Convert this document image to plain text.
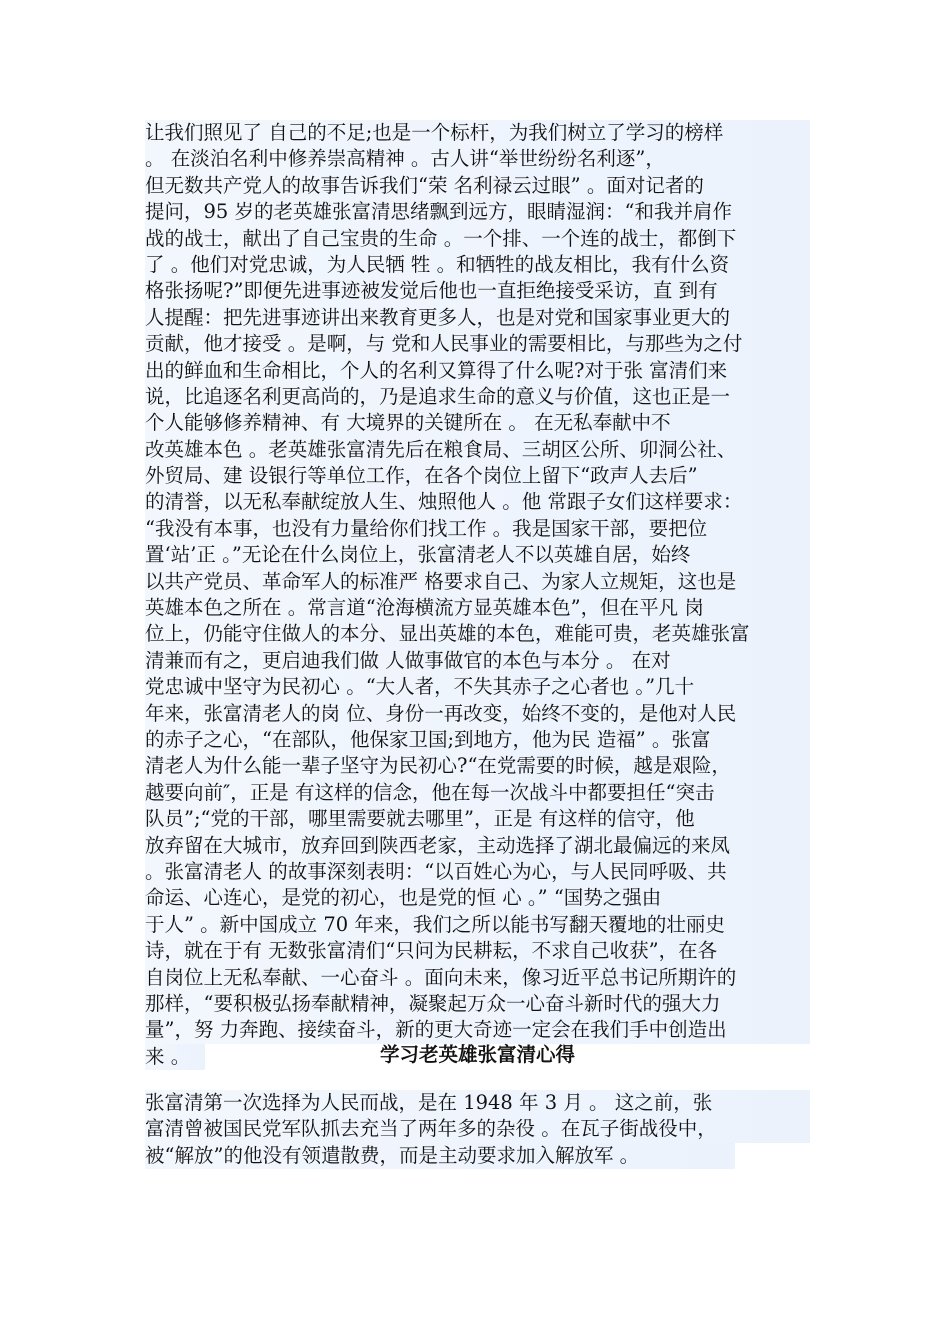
让我们照见了 自己的不足;也是一个标杆，为我们树立了学习的榜样
。 在淡泊名利中修养崇高精神 。古人讲“举世纷纷名利逐”，
但无数共产党人的故事告诉我们“荣 名利禄云过眼” 。面对记者的
提问，95 岁的老英雄张富清思绪飘到远方，眼睛湿润：“和我并肩作
战的战士，献出了自己宝贵的生命 。一个排、一个连的战士，都倒下
了 。他们对党忠诚，为人民牺 牲 。和牺牲的战友相比，我有什么资
格张扬呢?”即便先进事迹被发觉后他也一直拒绝接受采访，直 到有
人提醒：把先进事迹讲出来教育更多人，也是对党和国家事业更大的
贡献，他才接受 。是啊，与 党和人民事业的需要相比，与那些为之付
出的鲜血和生命相比，个人的名利又算得了什么呢?对于张 富清们来
说，比追逐名利更高尚的，乃是追求生命的意义与价值，这也正是一
个人能够修养精神、有 大境界的关键所在 。 在无私奉献中不
改英雄本色 。老英雄张富清先后在粮食局、三胡区公所、卯洞公社、
外贸局、建 设银行等单位工作，在各个岗位上留下“政声人去后”
的清誉，以无私奉献绽放人生、烛照他人 。他 常跟子女们这样要求：
“我没有本事，也没有力量给你们找工作 。我是国家干部，要把位
置‘站’正 。”无论在什么岗位上，张富清老人不以英雄自居，始终
以共产党员、革命军人的标准严 格要求自己、为家人立规矩，这也是
英雄本色之所在 。常言道“沧海横流方显英雄本色”，但在平凡 岗
位上，仍能守住做人的本分、显出英雄的本色，难能可贵，老英雄张富
清兼而有之，更启迪我们做 人做事做官的本色与本分 。 在对
党忠诚中坚守为民初心 。“大人者，不失其赤子之心者也 。”几十
年来，张富清老人的岗 位、身份一再改变，始终不变的，是他对人民
的赤子之心，“在部队，他保家卫国;到地方，他为民 造福” 。张富
清老人为什么能一辈子坚守为民初心?“在党需要的时候，越是艰险，
越要向前″，正是 有这样的信念，他在每一次战斗中都要担任“突击
队员”;“党的干部，哪里需要就去哪里”，正是 有这样的信守，他
放弃留在大城市，放弃回到陕西老家，主动选择了湖北最偏远的来凤
。张富清老人 的故事深刻表明：“以百姓心为心，与人民同呼吸、共
命运、心连心，是党的初心，也是党的恒 心 。” “国势之强由
于人” 。新中国成立 70 年来，我们之所以能书写翻天覆地的壮丽史
诗，就在于有 无数张富清们“只问为民耕耘，不求自己收获”，在各
自岗位上无私奉献、一心奋斗 。面向未来，像习近平总书记所期许的
那样，“要积极弘扬奉献精神，凝聚起万众一心奋斗新时代的强大力
量”，努 力奔跑、接续奋斗，新的更大奇迹一定会在我们手中创造出
来 。	学习老英雄张富清心得
张富清第一次选择为人民而战，是在 1948 年 3 月 。 这之前，张
富清曾被国民党军队抓去充当了两年多的杂役 。在瓦子街战役中，
被“解放”的他没有领遣散费，而是主动要求加入解放军 。
